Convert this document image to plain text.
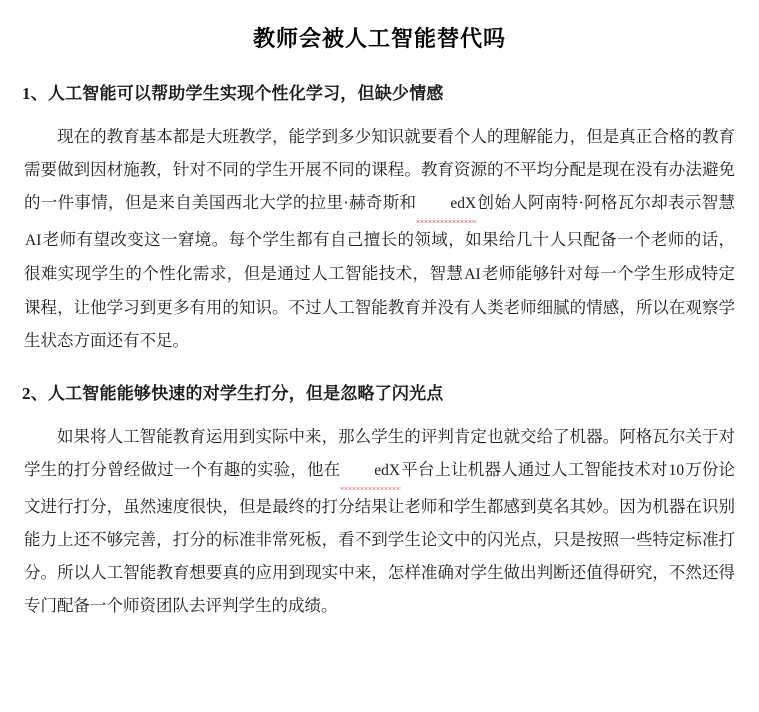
教师会被人工智能替代吗
1、人工智能可以帮助学生实现个性化学习，但缺少情感

现在的教育基本都是大班教学，能学到多少知识就要看个人的理解能力，但是真正合格的教育需要做到因材施教，针对不同的学生开展不同的课程。教育资源的不平均分配是现在没有办法避免的一件事情，但是来自美国西北大学的拉里·赫奇斯和 edX创始人阿南特·阿格瓦尔却表示智慧AI老师有望改变这一窘境。每个学生都有自己擅长的领域，如果给几十人只配备一个老师的话，很难实现学生的个性化需求，但是通过人工智能技术，智慧AI老师能够针对每一个学生形成特定课程，让他学习到更多有用的知识。不过人工智能教育并没有人类老师细腻的情感，所以在观察学生状态方面还有不足。

2、人工智能能够快速的对学生打分，但是忽略了闪光点

如果将人工智能教育运用到实际中来，那么学生的评判肯定也就交给了机器。阿格瓦尔关于对学生的打分曾经做过一个有趣的实验，他在 edX平台上让机器人通过人工智能技术对10万份论文进行打分，虽然速度很快，但是最终的打分结果让老师和学生都感到莫名其妙。因为机器在识别能力上还不够完善，打分的标准非常死板，看不到学生论文中的闪光点，只是按照一些特定标准打分。所以人工智能教育想要真的应用到现实中来，怎样准确对学生做出判断还值得研究，不然还得专门配备一个师资团队去评判学生的成绩。
